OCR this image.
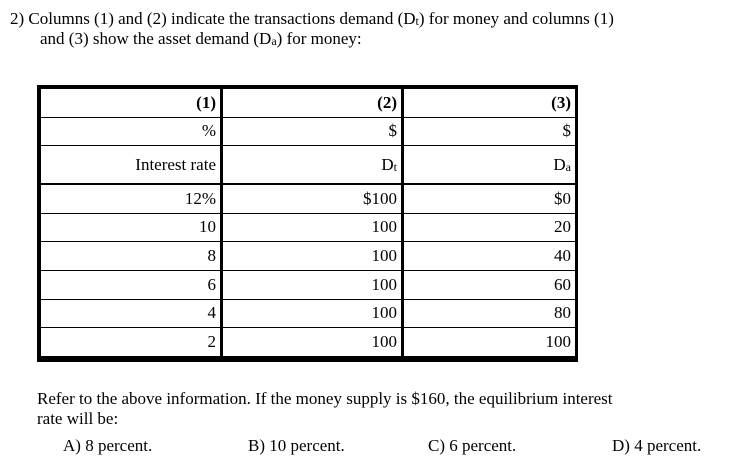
2) Columns (1) and (2) indicate the transactions demand $(D_t)$ for money and columns (1)

and (3) show the asset demand $(D_a)$ for money:

(1)	(2)	(3)
%	$	$
Interest rate	$D_t$	$D_a$
12%	$100	$0
10	100	20
8	100	40
6	100	60
4	100	80
2	100	100

Refer to the above information. If the money supply is $160, the equilibrium interest

rate will be:

A) 8 percent.	B) 10 percent.	C) 6 percent.	D) 4 percent.
